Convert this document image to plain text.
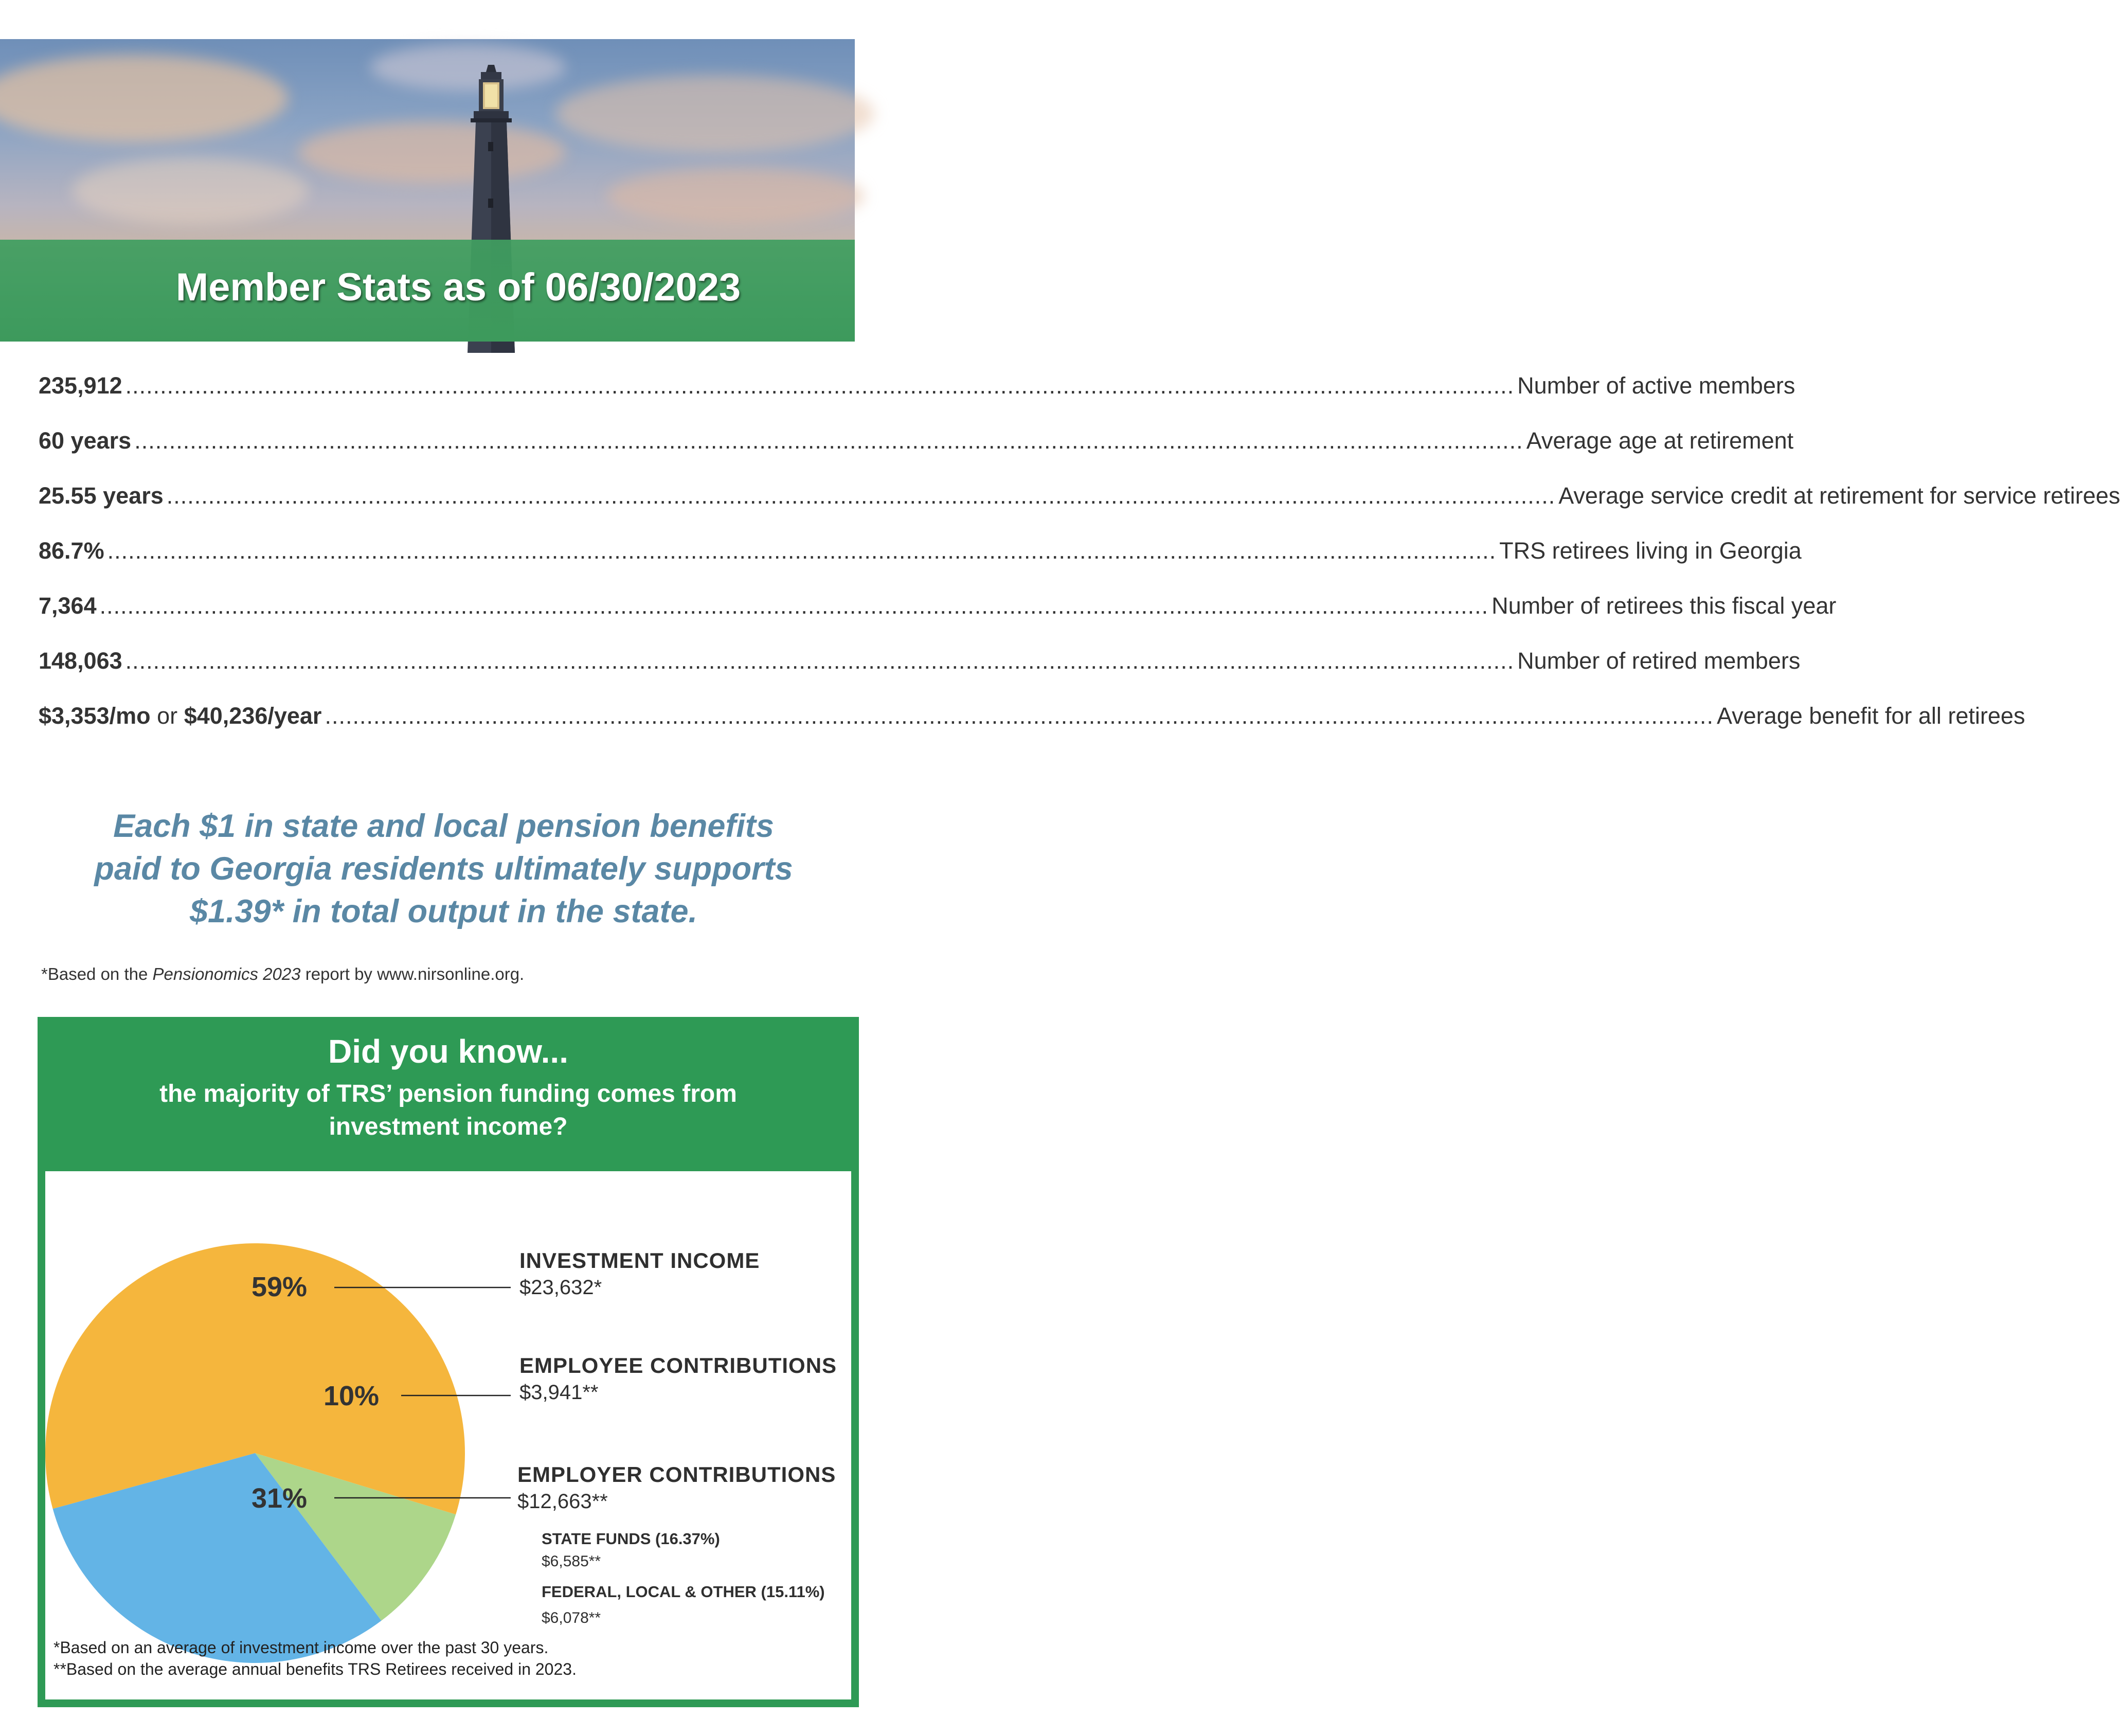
Member Stats as of 06/30/2023
235,912 ........................................................................................................................................................................................................ Number of active members
60 years ........................................................................................................................................................................................................ Average age at retirement
25.55 years ........................................................................................................................................................................................................ Average service credit at retirement for service retirees
86.7% ........................................................................................................................................................................................................ TRS retirees living in Georgia
7,364 ........................................................................................................................................................................................................ Number of retirees this fiscal year
148,063 ........................................................................................................................................................................................................ Number of retired members
$3,353/mo or $40,236/year ........................................................................................................................................................................................................ Average benefit for all retirees
Each $1 in state and local pension benefits
paid to Georgia residents ultimately supports
$1.39* in total output in the state.
*Based on the Pensionomics 2023 report by www.nirsonline.org.
Did you know...
the majority of TRS’ pension funding comes from investment income?
59%
10%
31%
INVESTMENT INCOME
$23,632*
EMPLOYEE CONTRIBUTIONS
$3,941**
EMPLOYER CONTRIBUTIONS
$12,663**
STATE FUNDS (16.37%)
$6,585**
FEDERAL, LOCAL & OTHER (15.11%)
$6,078**
*Based on an average of investment income over the past 30 years.
**Based on the average annual benefits TRS Retirees received in 2023.
